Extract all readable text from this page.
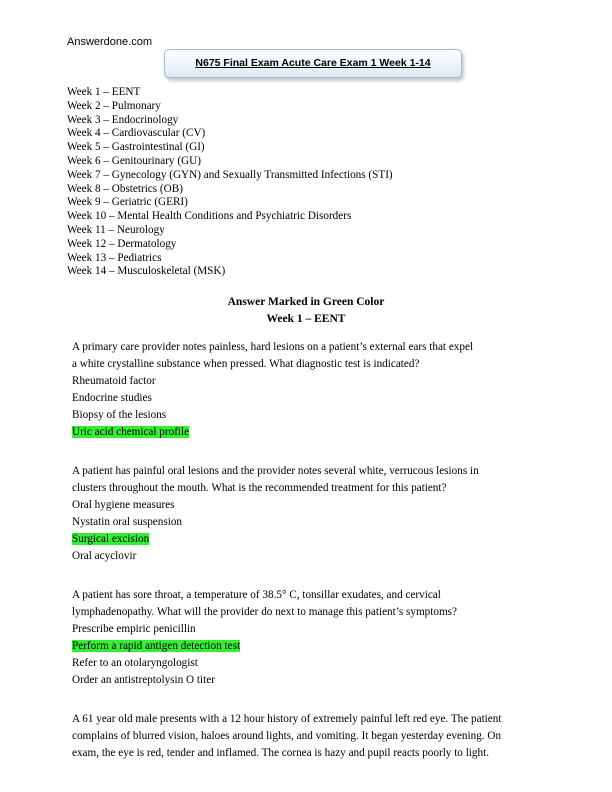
Answerdone.com
N675 Final Exam Acute Care Exam 1 Week 1-14
Week 1 – EENT
Week 2 – Pulmonary
Week 3 – Endocrinology
Week 4 – Cardiovascular (CV)
Week 5 – Gastrointestinal (GI)
Week 6 – Genitourinary (GU)
Week 7 – Gynecology (GYN) and Sexually Transmitted Infections (STI)
Week 8 – Obstetrics (OB)
Week 9 – Geriatric (GERI)
Week 10 – Mental Health Conditions and Psychiatric Disorders
Week 11 – Neurology
Week 12 – Dermatology
Week 13 – Pediatrics
Week 14 – Musculoskeletal (MSK)
Answer Marked in Green Color
Week 1 – EENT
A primary care provider notes painless, hard lesions on a patient’s external ears that expel
a white crystalline substance when pressed. What diagnostic test is indicated?
Rheumatoid factor
Endocrine studies
Biopsy of the lesions
Uric acid chemical profile
A patient has painful oral lesions and the provider notes several white, verrucous lesions in
clusters throughout the mouth. What is the recommended treatment for this patient?
Oral hygiene measures
Nystatin oral suspension
Surgical excision
Oral acyclovir
A patient has sore throat, a temperature of 38.5° C, tonsillar exudates, and cervical
lymphadenopathy. What will the provider do next to manage this patient’s symptoms?
Prescribe empiric penicillin
Perform a rapid antigen detection test
Refer to an otolaryngologist
Order an antistreptolysin O titer
A 61 year old male presents with a 12 hour history of extremely painful left red eye. The patient
complains of blurred vision, haloes around lights, and vomiting. It began yesterday evening. On
exam, the eye is red, tender and inflamed. The cornea is hazy and pupil reacts poorly to light.
